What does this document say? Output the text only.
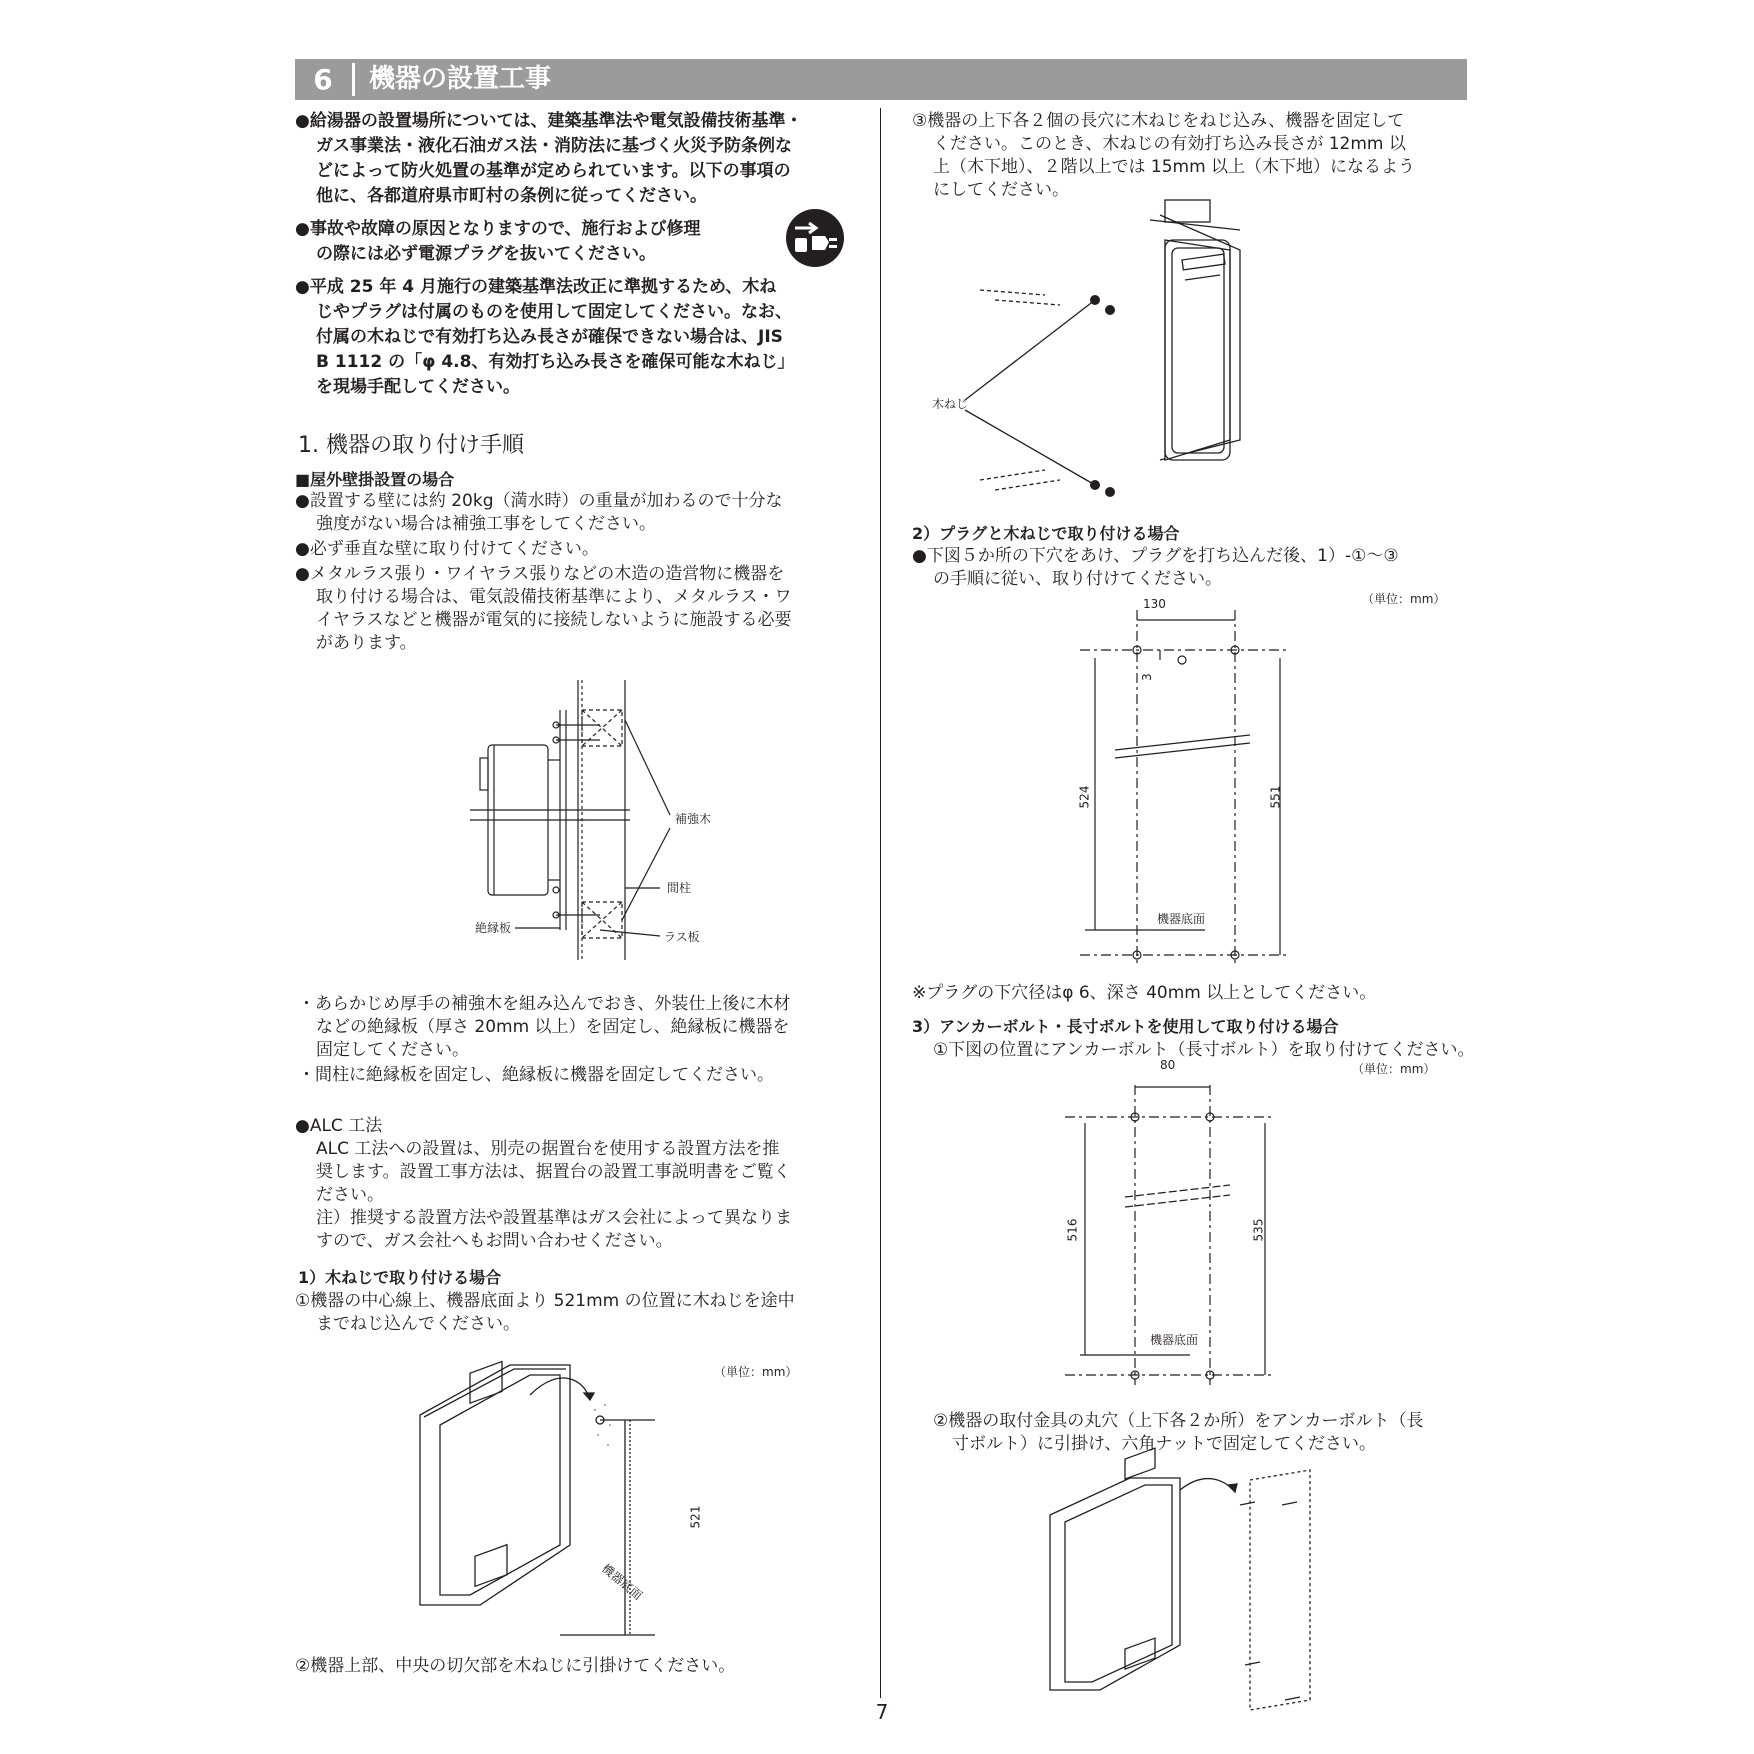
6	機器の設置工事
●給湯器の設置場所については、建築基準法や電気設備技術基準・
ガス事業法・液化石油ガス法・消防法に基づく火災予防条例な
どによって防火処置の基準が定められています。以下の事項の
他に、各都道府県市町村の条例に従ってください。
●事故や故障の原因となりますので、施行および修理
の際には必ず電源プラグを抜いてください。
●平成 25 年 4 月施行の建築基準法改正に準拠するため、木ね
じやプラグは付属のものを使用して固定してください。なお、
付属の木ねじで有効打ち込み長さが確保できない場合は、JIS
B 1112 の「φ 4.8、有効打ち込み長さを確保可能な木ねじ」
を現場手配してください。
1. 機器の取り付け手順
■屋外壁掛設置の場合
●設置する壁には約 20kg（満水時）の重量が加わるので十分な
強度がない場合は補強工事をしてください。
●必ず垂直な壁に取り付けてください。
●メタルラス張り・ワイヤラス張りなどの木造の造営物に機器を
取り付ける場合は、電気設備技術基準により、メタルラス・ワ
イヤラスなどと機器が電気的に接続しないように施設する必要
があります。
補強木
間柱
絶縁板
ラス板
・あらかじめ厚手の補強木を組み込んでおき、外装仕上後に木材
などの絶縁板（厚さ 20mm 以上）を固定し、絶縁板に機器を
固定してください。
・間柱に絶縁板を固定し、絶縁板に機器を固定してください。
●ALC 工法
ALC 工法への設置は、別売の据置台を使用する設置方法を推
奨します。設置工事方法は、据置台の設置工事説明書をご覧く
ださい。
注）推奨する設置方法や設置基準はガス会社によって異なりま
すので、ガス会社へもお問い合わせください。
1）木ねじで取り付ける場合
①機器の中心線上、機器底面より 521mm の位置に木ねじを途中
までねじ込んでください。
（単位：mm）
521
機器底面
②機器上部、中央の切欠部を木ねじに引掛けてください。
③機器の上下各２個の長穴に木ねじをねじ込み、機器を固定して
ください。このとき、木ねじの有効打ち込み長さが 12mm 以
上（木下地）、２階以上では 15mm 以上（木下地）になるよう
にしてください。
木ねじ
2）プラグと木ねじで取り付ける場合
●下図５か所の下穴をあけ、プラグを打ち込んだ後、1）-①～③
の手順に従い、取り付けてください。
（単位：mm）
130
3
524	551
機器底面
※プラグの下穴径はφ 6、深さ 40mm 以上としてください。
3）アンカーボルト・長寸ボルトを使用して取り付ける場合
①下図の位置にアンカーボルト（長寸ボルト）を取り付けてください。
（単位：mm）
80
516	535
機器底面
②機器の取付金具の丸穴（上下各２か所）をアンカーボルト（長
寸ボルト）に引掛け、六角ナットで固定してください。
7
